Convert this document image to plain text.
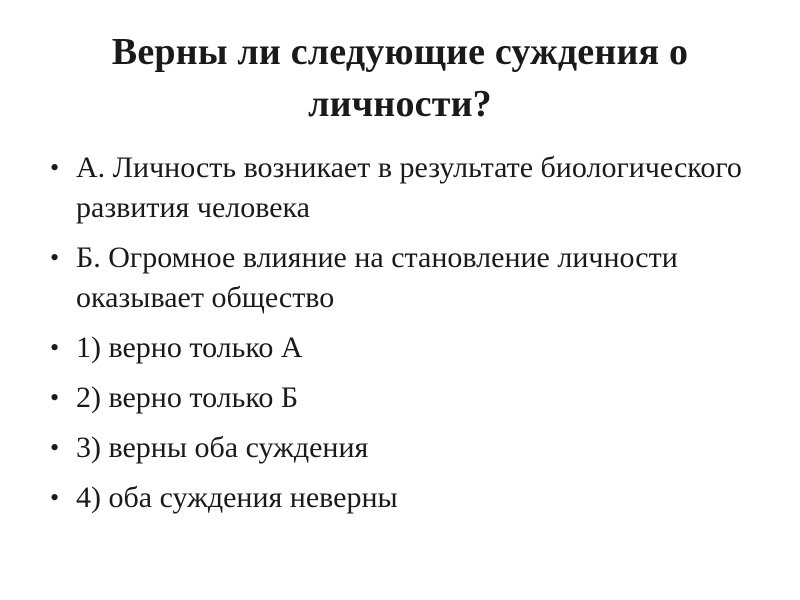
Верны ли следующие суждения о личности?
• А. Личность возникает в результате биологического развития человека
• Б. Огромное влияние на становление личности оказывает общество
• 1) верно только А
• 2) верно только Б
• 3) верны оба суждения
• 4) оба суждения неверны
